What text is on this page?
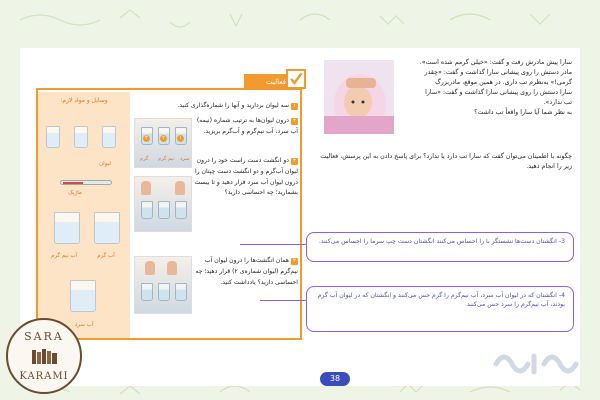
فعالیت
وسایل و مواد لازم:
لیوان
ماژیک
آب نیم گرم	آب گرم
آب سرد
۳	۲	۱
سرد
نیم گرم
گرم
۱سه لیوان بردارید و آنها را شماره‌گذاری کنید.
۲درون لیوان‌ها به ترتیب شماره (نیمه) آب سرد، آب نیم‌گرم و آب‌گرم بریزید.
۳دو انگشت دست راست خود را درون لیوان آب‌گرم و دو انگشت دست چپتان را درون لیوان آب سرد فرار دهید و تا بیست بشمارید؛ چه احساسی دارید؟
۴همان انگشت‌ها را درون لیوان آب نیم‌گرم (لیوان شماره‌ی ۲) قرار دهید؛ چه احساسی دارید؟ یادداشت کنید.
سارا پیش مادرش رفت و گفت: «خیلی گرمم شده است».
مادر دستش را روی پیشانی سارا گذاشت و گفت: «چقدر
گرمی!» به‌نظرم تب داری. در همین موقع، مادربزرگ
سارا دستش را روی پیشانی سارا گذاشت و گفت: «سارا
تب ندارد».
به نظر شما آیا سارا واقعاً تب داشت؟
چگونه با اطمینان می‌توان گفت که سارا تب دارد یا ندارد؟ برای پاسخ دادن به این پرسش، فعالیت زیر را انجام دهید.
3- انگشتان دست‌ها نشستگر با را احساس می‌کنند انگشتان دست چپ سرما را احساس می‌کنند.
4- انگشتان که در لیوان آب سرد، آب نیم‌گرم را گرم حس می‌کنند و انگشتان که در لیوان آب گرم بودند، آب نیم‌گرم را سرد حس می‌کنند.
38
SARA
KARAMI
